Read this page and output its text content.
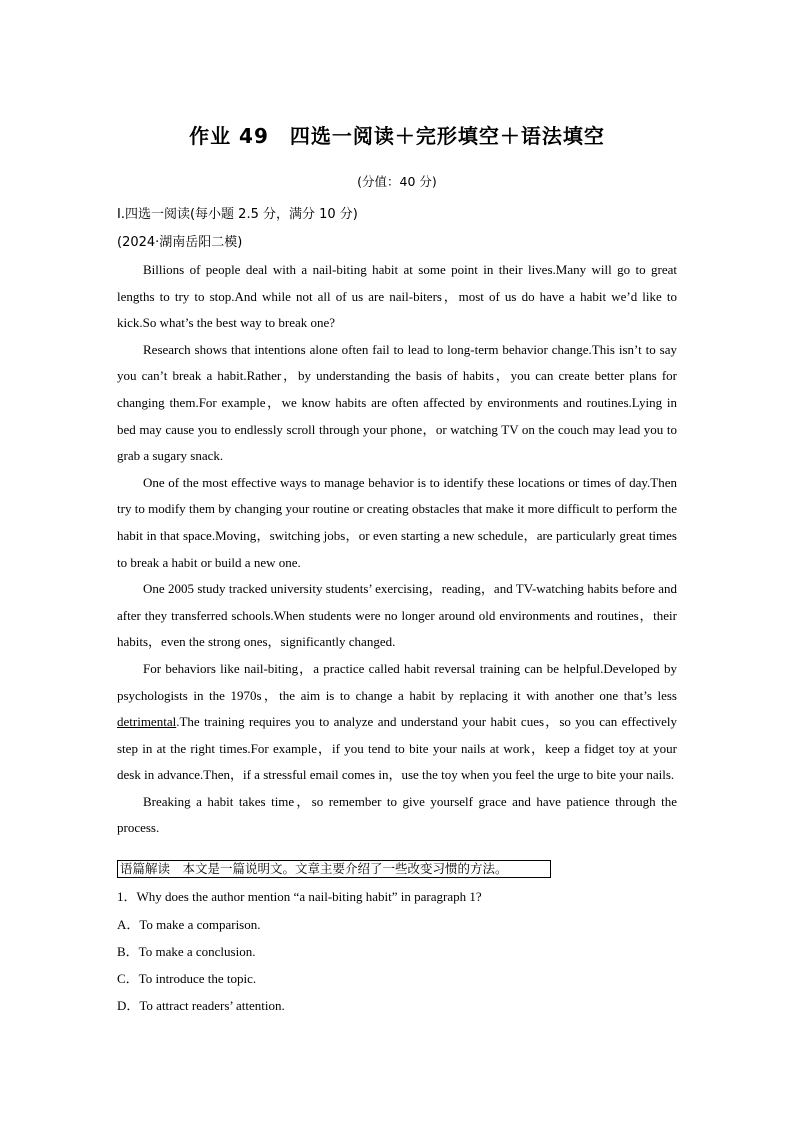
作业 49　四选一阅读＋完形填空＋语法填空
(分值：40 分)
Ⅰ.四选一阅读(每小题 2.5 分，满分 10 分)
(2024·湖南岳阳二模)

Billions of people deal with a nail-biting habit at some point in their lives.Many will go to great lengths to try to stop.And while not all of us are nail-biters，most of us do have a habit we’d like to kick.So what’s the best way to break one?

Research shows that intentions alone often fail to lead to long-term behavior change.This isn’t to say you can’t break a habit.Rather，by understanding the basis of habits，you can create better plans for changing them.For example，we know habits are often affected by environments and routines.Lying in bed may cause you to endlessly scroll through your phone，or watching TV on the couch may lead you to grab a sugary snack.

One of the most effective ways to manage behavior is to identify these locations or times of day.Then try to modify them by changing your routine or creating obstacles that make it more difficult to perform the habit in that space.Moving，switching jobs，or even starting a new schedule，are particularly great times to break a habit or build a new one.

One 2005 study tracked university students’ exercising，reading，and TV-watching habits before and after they transferred schools.When students were no longer around old environments and routines，their habits，even the strong ones，significantly changed.

For behaviors like nail-biting，a practice called habit reversal training can be helpful.Developed by psychologists in the 1970s，the aim is to change a habit by replacing it with another one that’s less detrimental.The training requires you to analyze and understand your habit cues，so you can effectively step in at the right times.For example，if you tend to bite your nails at work，keep a fidget toy at your desk in advance.Then，if a stressful email comes in，use the toy when you feel the urge to bite your nails.

Breaking a habit takes time，so remember to give yourself grace and have patience through the process.

语篇解读　本文是一篇说明文。文章主要介绍了一些改变习惯的方法。
1．Why does the author mention “a nail-biting habit” in paragraph 1?
A．To make a comparison.
B．To make a conclusion.
C．To introduce the topic.
D．To attract readers’ attention.
